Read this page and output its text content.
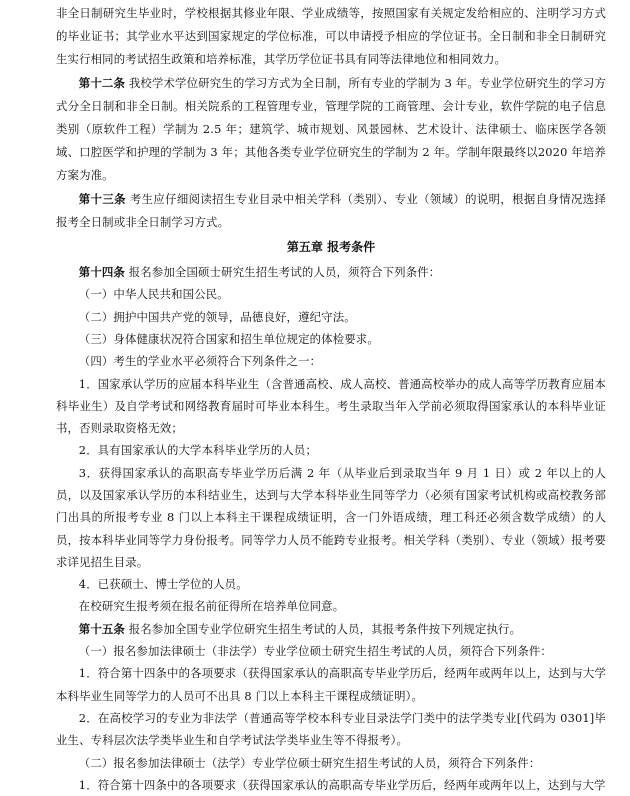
非全日制研究生毕业时，学校根据其修业年限、学业成绩等，按照国家有关规定发给相应的、注明学习方式的毕业证书；其学业水平达到国家规定的学位标准，可以申请授予相应的学位证书。全日制和非全日制研究生实行相同的考试招生政策和培养标准，其学历学位证书具有同等法律地位和相同效力。

第十二条 我校学术学位研究生的学习方式为全日制，所有专业的学制为 3 年。专业学位研究生的学习方式分全日制和非全日制。相关院系的工程管理专业，管理学院的工商管理、会计专业，软件学院的电子信息类别（原软件工程）学制为 2.5 年；建筑学、城市规划、风景园林、艺术设计、法律硕士、临床医学各领域、口腔医学和护理的学制为 3 年；其他各类专业学位研究生的学制为 2 年。学制年限最终以2020 年培养方案为准。

第十三条 考生应仔细阅读招生专业目录中相关学科（类别）、专业（领域）的说明，根据自身情况选择报考全日制或非全日制学习方式。

第五章 报考条件

第十四条 报名参加全国硕士研究生招生考试的人员，须符合下列条件：

（一）中华人民共和国公民。

（二）拥护中国共产党的领导，品德良好，遵纪守法。

（三）身体健康状况符合国家和招生单位规定的体检要求。

（四）考生的学业水平必须符合下列条件之一：

1．国家承认学历的应届本科毕业生（含普通高校、成人高校、普通高校举办的成人高等学历教育应届本科毕业生）及自学考试和网络教育届时可毕业本科生。考生录取当年入学前必须取得国家承认的本科毕业证书，否则录取资格无效；

2．具有国家承认的大学本科毕业学历的人员；

3．获得国家承认的高职高专毕业学历后满 2 年（从毕业后到录取当年 9 月 1 日）或 2 年以上的人员，以及国家承认学历的本科结业生，达到与大学本科毕业生同等学力（必须有国家考试机构或高校教务部门出具的所报考专业 8 门以上本科主干课程成绩证明，含一门外语成绩，理工科还必须含数学成绩）的人员，按本科毕业同等学力身份报考。同等学力人员不能跨专业报考。相关学科（类别）、专业（领域）报考要求详见招生目录。

4．已获硕士、博士学位的人员。

在校研究生报考须在报名前征得所在培养单位同意。

第十五条 报名参加全国专业学位研究生招生考试的人员，其报考条件按下列规定执行。

（一）报名参加法律硕士（非法学）专业学位硕士研究生招生考试的人员，须符合下列条件：

1．符合第十四条中的各项要求（获得国家承认的高职高专毕业学历后，经两年或两年以上，达到与大学本科毕业生同等学力的人员可不出具 8 门以上本科主干课程成绩证明）。

2．在高校学习的专业为非法学（普通高等学校本科专业目录法学门类中的法学类专业[代码为 0301]毕业生、专科层次法学类毕业生和自学考试法学类毕业生等不得报考）。

（二）报名参加法律硕士（法学）专业学位硕士研究生招生考试的人员，须符合下列条件：

1．符合第十四条中的各项要求（获得国家承认的高职高专毕业学历后，经两年或两年以上，达到与大学
